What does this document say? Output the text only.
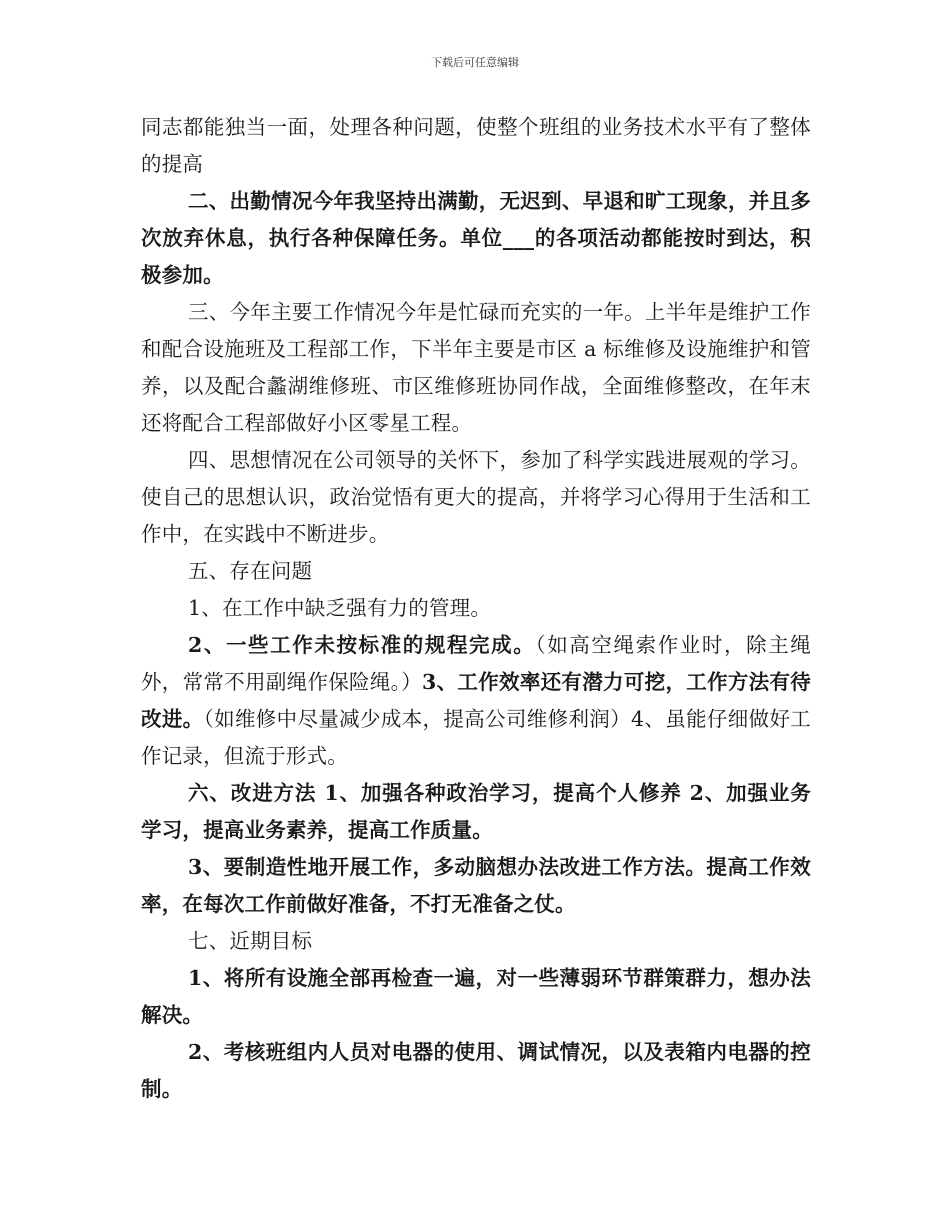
下载后可任意编辑

同志都能独当一面，处理各种问题，使整个班组的业务技术水平有了整体的提高

二、出勤情况今年我坚持出满勤，无迟到、早退和旷工现象，并且多次放弃休息，执行各种保障任务。单位___的各项活动都能按时到达，积极参加。

三、今年主要工作情况今年是忙碌而充实的一年。上半年是维护工作和配合设施班及工程部工作，下半年主要是市区 a 标维修及设施维护和管养，以及配合蠡湖维修班、市区维修班协同作战，全面维修整改，在年末还将配合工程部做好小区零星工程。

四、思想情况在公司领导的关怀下，参加了科学实践进展观的学习。使自己的思想认识，政治觉悟有更大的提高，并将学习心得用于生活和工作中，在实践中不断进步。

五、存在问题

1、在工作中缺乏强有力的管理。

2、一些工作未按标准的规程完成。（如高空绳索作业时，除主绳外，常常不用副绳作保险绳。）3、工作效率还有潜力可挖，工作方法有待改进。（如维修中尽量减少成本，提高公司维修利润）4、虽能仔细做好工作记录，但流于形式。

六、改进方法 1、加强各种政治学习，提高个人修养 2、加强业务学习，提高业务素养，提高工作质量。

3、要制造性地开展工作，多动脑想办法改进工作方法。提高工作效率，在每次工作前做好准备，不打无准备之仗。

七、近期目标

1、将所有设施全部再检查一遍，对一些薄弱环节群策群力，想办法解决。

2、考核班组内人员对电器的使用、调试情况，以及表箱内电器的控制。
